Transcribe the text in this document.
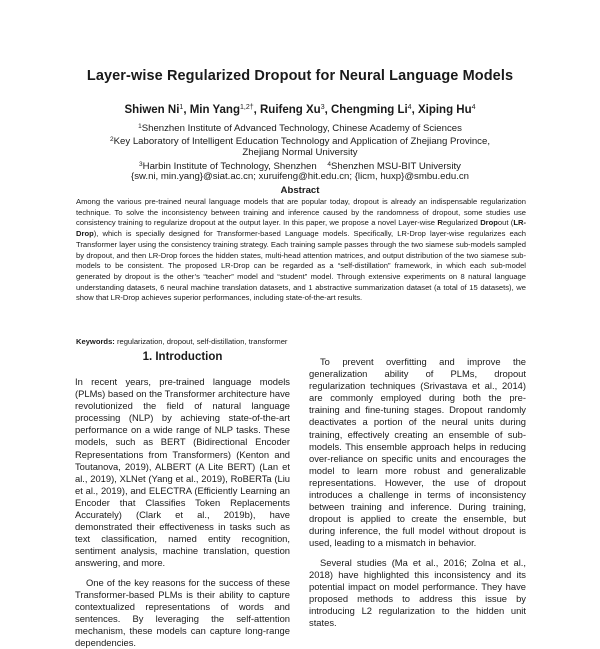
Layer-wise Regularized Dropout for Neural Language Models
Shiwen Ni$^1$, Min Yang$^{1,2\dagger}$, Ruifeng Xu$^3$, Chengming Li$^4$, Xiping Hu$^4$
$^1$Shenzhen Institute of Advanced Technology, Chinese Academy of Sciences
$^2$Key Laboratory of Intelligent Education Technology and Application of Zhejiang Province,
Zhejiang Normal University
$^3$Harbin Institute of Technology, Shenzhen $^4$Shenzhen MSU-BIT University
{sw.ni, min.yang}@siat.ac.cn; xuruifeng@hit.edu.cn; {licm, huxp}@smbu.edu.cn
Abstract
Among the various pre-trained neural language models that are popular today, dropout is already an indispensable regularization technique. To solve the inconsistency between training and inference caused by the randomness of dropout, some studies use consistency training to regularize dropout at the output layer. In this paper, we propose a novel Layer-wise Regularized Dropout (LR-Drop), which is specially designed for Transformer-based Language models. Specifically, LR-Drop layer-wise regularizes each Transformer layer using the consistency training strategy. Each training sample passes through the two siamese sub-models sampled by dropout, and then LR-Drop forces the hidden states, multi-head attention matrices, and output distribution of the two siamese sub-models to be consistent. The proposed LR-Drop can be regarded as a “self-distillation” framework, in which each sub-model generated by dropout is the other’s “teacher” model and “student” model. Through extensive experiments on 8 natural language understanding datasets, 6 neural machine translation datasets, and 1 abstractive summarization dataset (a total of 15 datasets), we show that LR-Drop achieves superior performances, including state-of-the-art results.
Keywords: regularization, dropout, self-distillation, transformer
1. Introduction

In recent years, pre-trained language models (PLMs) based on the Transformer architecture have revolutionized the field of natural language processing (NLP) by achieving state-of-the-art performance on a wide range of NLP tasks. These models, such as BERT (Bidirectional Encoder Representations from Transformers) (Kenton and Toutanova, 2019), ALBERT (A Lite BERT) (Lan et al., 2019), XLNet (Yang et al., 2019), RoBERTa (Liu et al., 2019), and ELECTRA (Efficiently Learning an Encoder that Classifies Token Replacements Accurately) (Clark et al., 2019b), have demonstrated their effectiveness in tasks such as text classification, named entity recognition, sentiment analysis, machine translation, question answering, and more.

One of the key reasons for the success of these Transformer-based PLMs is their ability to capture contextualized representations of words and sentences. By leveraging the self-attention mechanism, these models can capture long-range dependencies.

To prevent overfitting and improve the generalization ability of PLMs, dropout regularization techniques (Srivastava et al., 2014) are commonly employed during both the pre-training and fine-tuning stages. Dropout randomly deactivates a portion of the neural units during training, effectively creating an ensemble of sub-models. This ensemble approach helps in reducing over-reliance on specific units and encourages the model to learn more robust and generalizable representations. However, the use of dropout introduces a challenge in terms of inconsistency between training and inference. During training, dropout is applied to create the ensemble, but during inference, the full model without dropout is used, leading to a mismatch in behavior.

Several studies (Ma et al., 2016; Zolna et al., 2018) have highlighted this inconsistency and its potential impact on model performance. They have proposed methods to address this issue by introducing L2 regularization to the hidden unit states.
